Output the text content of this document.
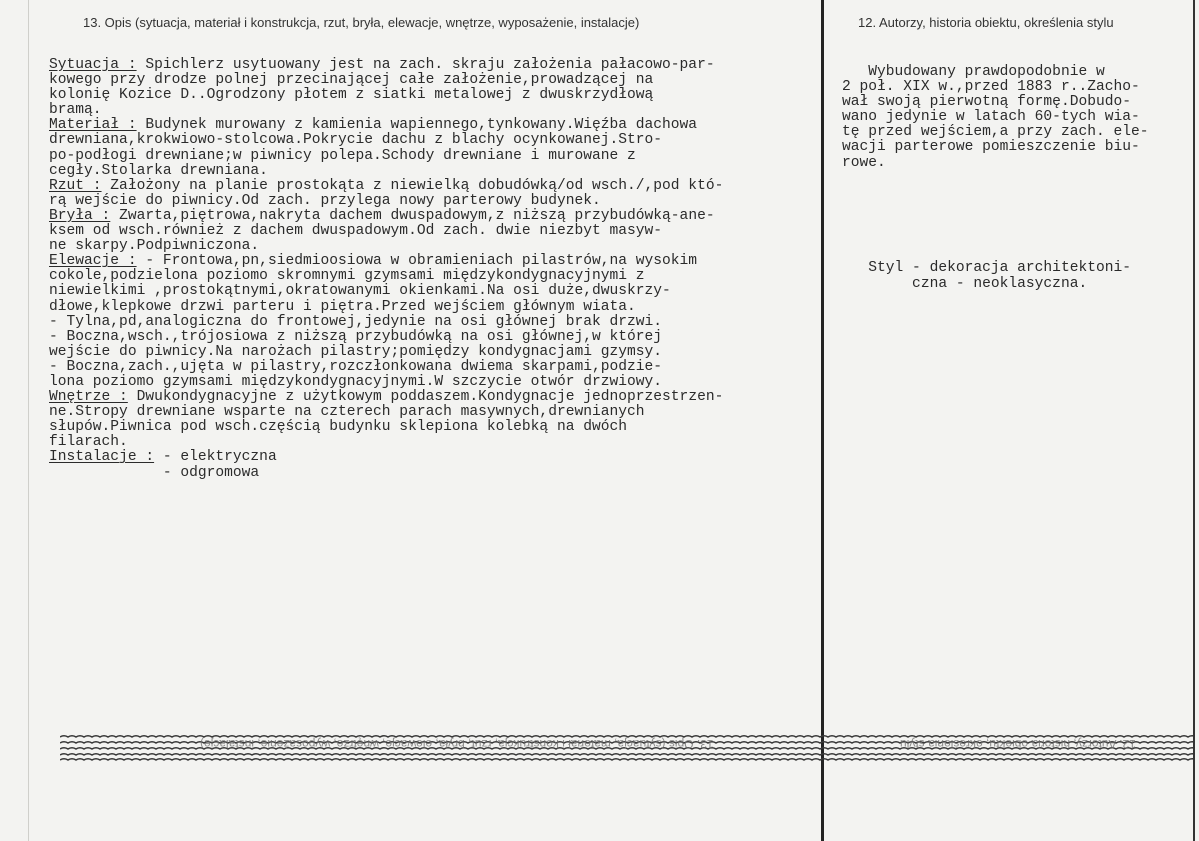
13. Opis (sytuacja, materiał i konstrukcja, rzut, bryła, elewacje, wnętrze, wyposażenie, instalacje)	12. Autorzy, historia obiektu, określenia stylu
Sytuacja : Spichlerz usytuowany jest na zach. skraju założenia pałacowo-par-
kowego przy drodze polnej przecinającej całe założenie,prowadzącej na
kolonię Kozice D..Ogrodzony płotem z siatki metalowej z dwuskrzydłową
bramą.
Materiał : Budynek murowany z kamienia wapiennego,tynkowany.Więźba dachowa
drewniana,krokwiowo-stolcowa.Pokrycie dachu z blachy ocynkowanej.Stro-
po-podłogi drewniane;w piwnicy polepa.Schody drewniane i murowane z
cegły.Stolarka drewniana.
Rzut : Założony na planie prostokąta z niewielką dobudówką/od wsch./,pod któ-
rą wejście do piwnicy.Od zach. przylega nowy parterowy budynek.
Bryła : Zwarta,piętrowa,nakryta dachem dwuspadowym,z niższą przybudówką-ane-
ksem od wsch.również z dachem dwuspadowym.Od zach. dwie niezbyt masyw-
ne skarpy.Podpiwniczona.
Elewacje : - Frontowa,pn,siedmioosiowa w obramieniach pilastrów,na wysokim
cokole,podzielona poziomo skromnymi gzymsami międzykondygnacyjnymi z
niewielkimi ,prostokątnymi,okratowanymi okienkami.Na osi duże,dwuskrzy-
dłowe,klepkowe drzwi parteru i piętra.Przed wejściem głównym wiata.
- Tylna,pd,analogiczna do frontowej,jedynie na osi głównej brak drzwi.
- Boczna,wsch.,trójosiowa z niższą przybudówką na osi głównej,w której
wejście do piwnicy.Na narożach pilastry;pomiędzy kondygnacjami gzymsy.
- Boczna,zach.,ujęta w pilastry,rozczłonkowana dwiema skarpami,podzie-
lona poziomo gzymsami międzykondygnacyjnymi.W szczycie otwór drzwiowy.
Wnętrze : Dwukondygnacyjne z użytkowym poddaszem.Kondygnacje jednoprzestrzen-
ne.Stropy drewniane wsparte na czterech parach masywnych,drewnianych
słupów.Piwnica pod wsch.częścią budynku sklepiona kolebką na dwóch
filarach.
Instalacje : - elektryczna
- odgromowa
Wybudowany prawdopodobnie w
2 poł. XIX w.,przed 1883 r..Zacho-
wał swoją pierwotną formę.Dobudo-
wano jedynie w latach 60-tych wia-
tę przed wejściem,a przy zach. ele-
wacji parterowe pomieszczenie biu-
rowe.
Styl - dekoracja architektoni-
czna - neoklasyczna.
13. Opis (sytuacja, materiał i konstrukcja, rzut, bryła, elewacje, wnętrze, wyposażenie, instalacje)	12. Autorzy, historia obiektu, określenia stylu
